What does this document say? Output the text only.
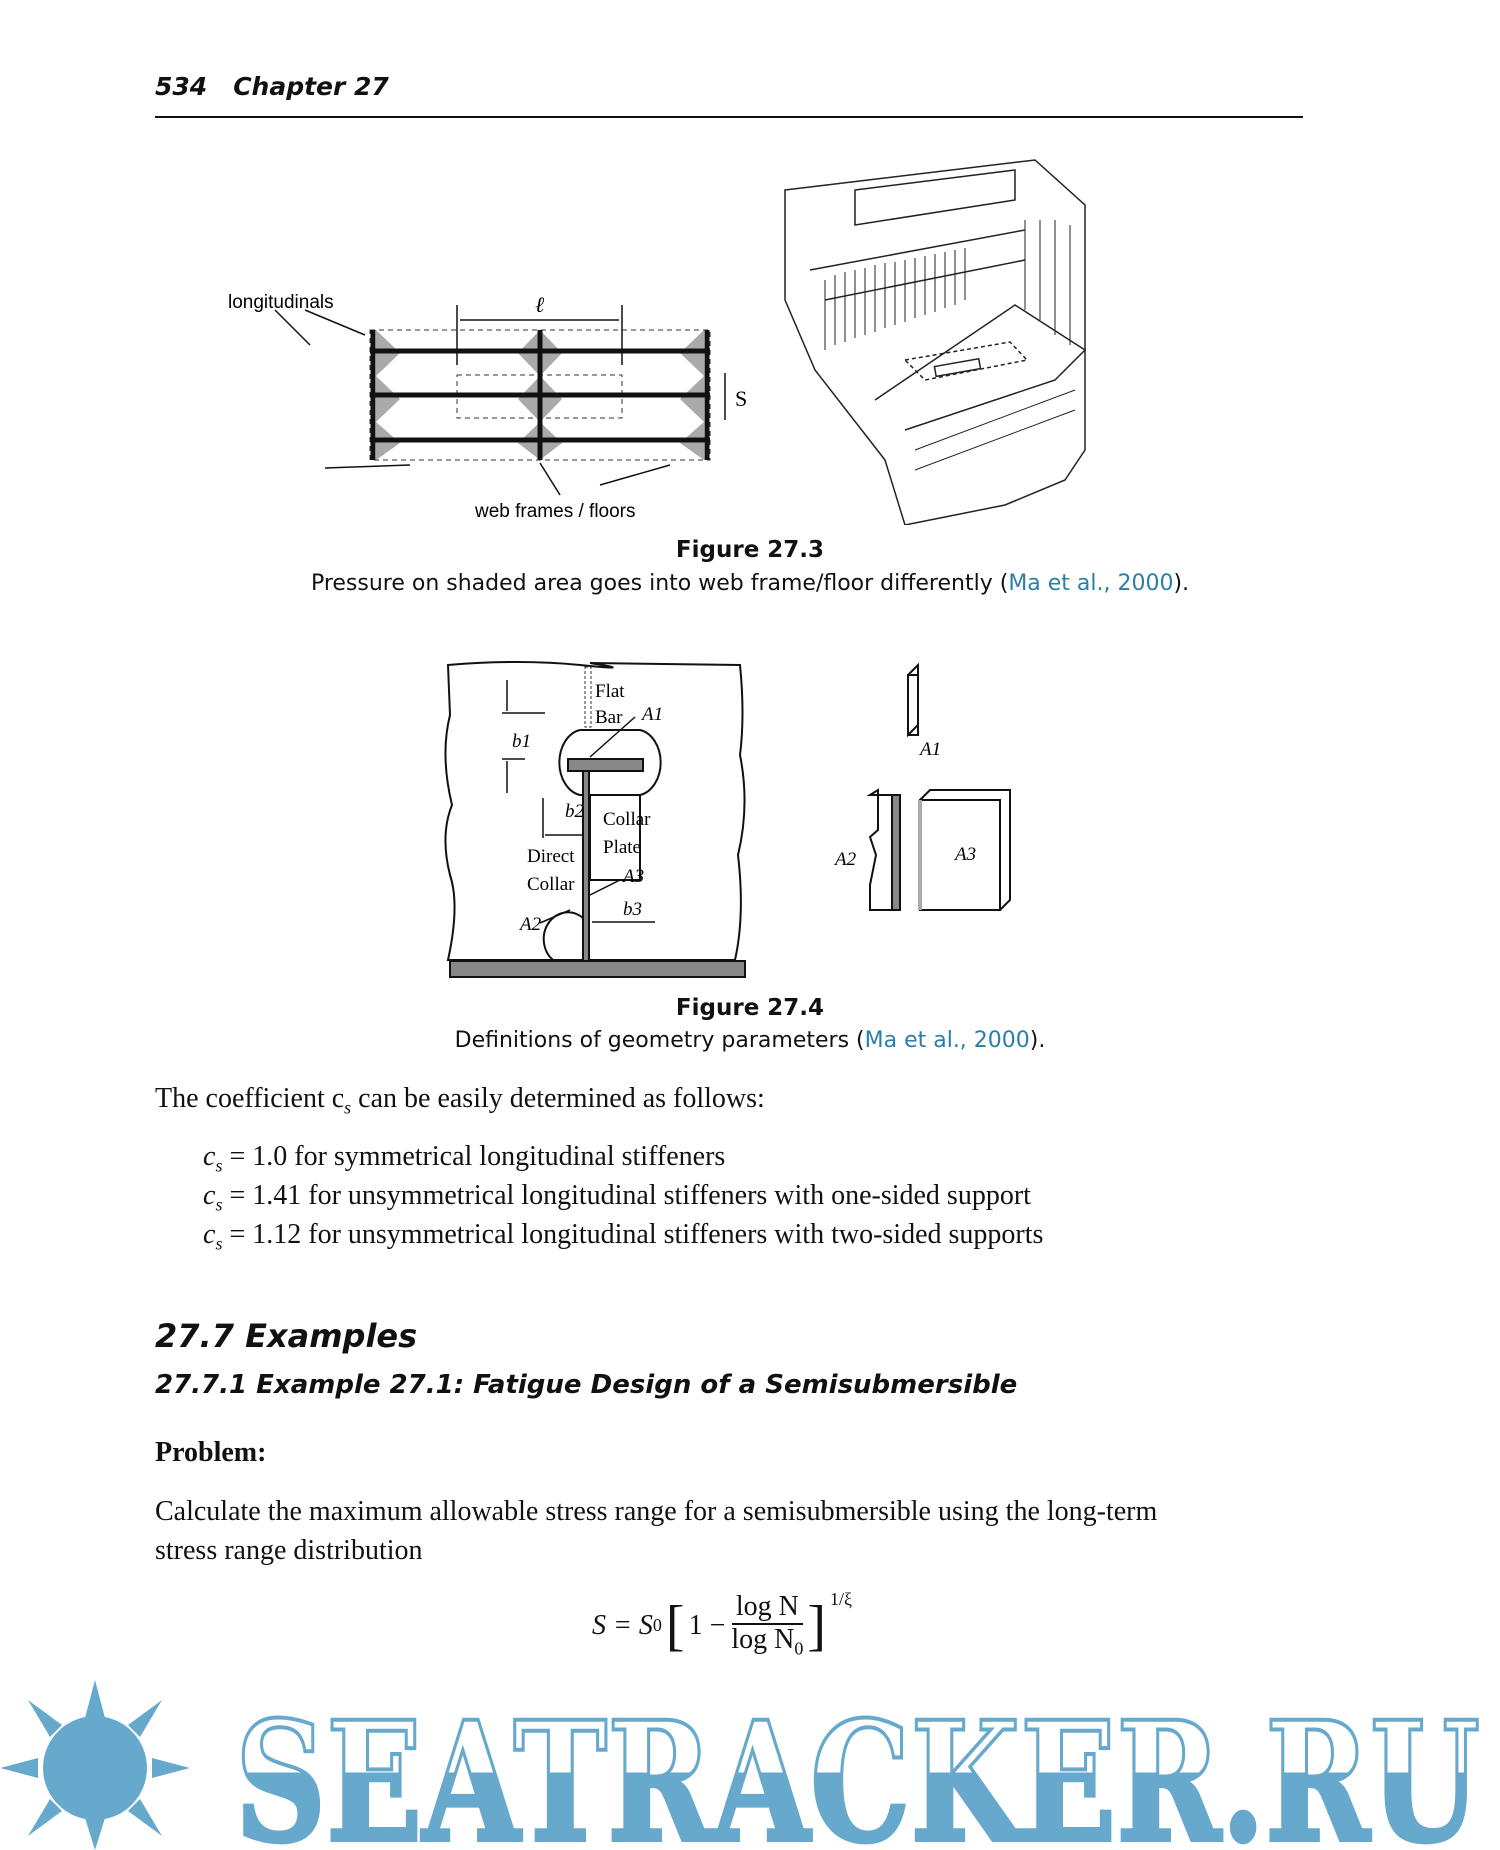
534 Chapter 27
ℓ
S
longitudinals
web frames / floors
Figure 27.3
Pressure on shaded area goes into web frame/floor differently (Ma et al., 2000).
Flat
Bar A1
b1
b2 Collar
Plate
Direct
Collar	A3
b3
A2
A1
A2	A3
Figure 27.4
Definitions of geometry parameters (Ma et al., 2000).
The coefficient $c_s$ can be easily determined as follows:
$c_s = 1.0$ for symmetrical longitudinal stiffeners
$c_s = 1.41$ for unsymmetrical longitudinal stiffeners with one-sided support
$c_s = 1.12$ for unsymmetrical longitudinal stiffeners with two-sided supports
27.7 Examples
27.7.1 Example 27.1: Fatigue Design of a Semisubmersible
Problem:
Calculate the maximum allowable stress range for a semisubmersible using the long-term
stress range distribution
S = S 0 [ $1 - \frac{\text{log N}}{\log N_0} ]^{1/\xi}$
SEATRACKER.RU
